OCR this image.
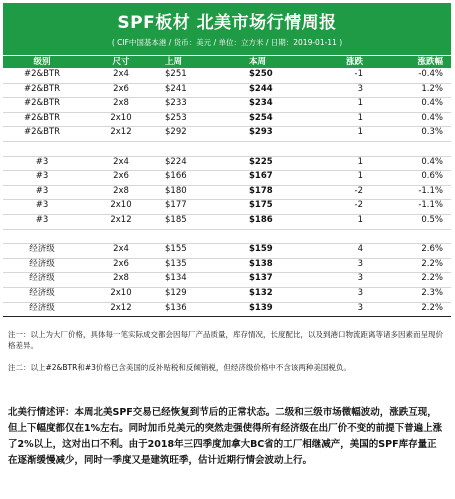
SPF板材 北美市场行情周报
( CIF中国基本港 / 货币：美元 / 单位：立方米 / 日期：2019-01-11 )
级别	尺寸	上周	本周	涨跌	涨跌幅
#2&BTR	2x4	$251	$250	-1	-0.4%
#2&BTR	2x6	$241	$244	3	1.2%
#2&BTR	2x8	$233	$234	1	0.4%
#2&BTR	2x10	$253	$254	1	0.4%
#2&BTR	2x12	$292	$293	1	0.3%
#3	2x4	$224	$225	1	0.4%
#3	2x6	$166	$167	1	0.6%
#3	2x8	$180	$178	-2	-1.1%
#3	2x10	$177	$175	-2	-1.1%
#3	2x12	$185	$186	1	0.5%
经济级	2x4	$155	$159	4	2.6%
经济级	2x6	$135	$138	3	2.2%
经济级	2x8	$134	$137	3	2.2%
经济级	2x10	$129	$132	3	2.3%
经济级	2x12	$136	$139	3	2.2%
注一：以上为大厂价格，具体每一笔实际成交都会因每厂产品质量，库存情况，长度配比，以及到港口物流距离等诸多因素而呈现价格差异。
注二：以上#2&BTR和#3价格已含美国的反补贴税和反倾销税，但经济级价格中不含该两种美国税负。
北美行情述评：本周北美SPF交易已经恢复到节后的正常状态。二级和三级市场微幅波动，涨跌互现，但上下幅度都仅在1%左右。同时加币兑美元的突然走强使得所有经济级在出厂价不变的前提下普遍上涨了2%以上，这对出口不利。由于2018年三四季度加拿大BC省的工厂相继减产，美国的SPF库存量正在逐渐缓慢减少，同时一季度又是建筑旺季，估计近期行情会波动上行。
